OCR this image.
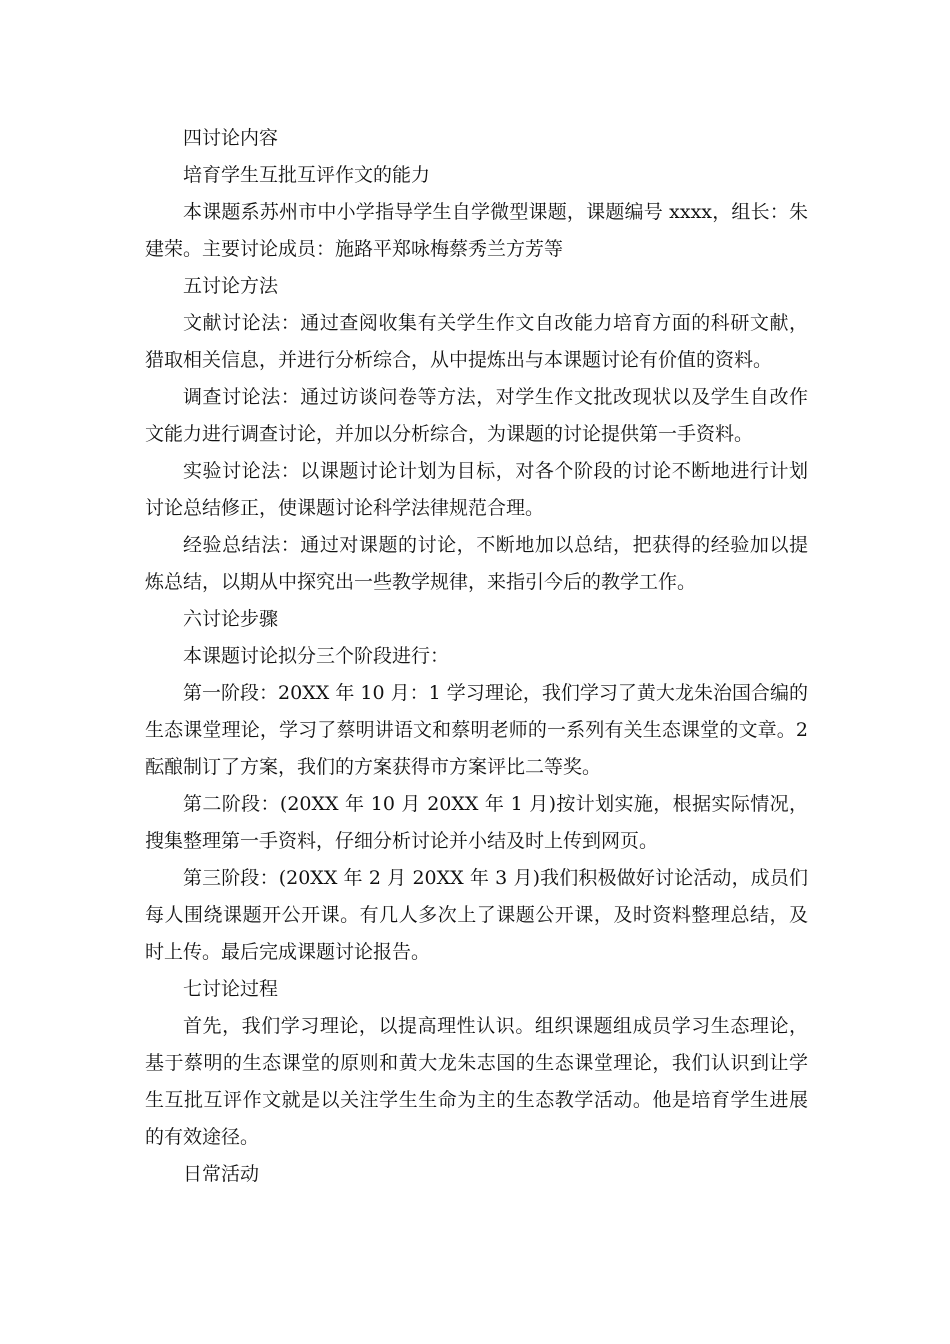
四讨论内容

培育学生互批互评作文的能力

本课题系苏州市中小学指导学生自学微型课题，课题编号 xxxx，组长：朱建荣。主要讨论成员：施路平郑咏梅蔡秀兰方芳等

五讨论方法

文献讨论法：通过查阅收集有关学生作文自改能力培育方面的科研文献，猎取相关信息，并进行分析综合，从中提炼出与本课题讨论有价值的资料。

调查讨论法：通过访谈问卷等方法，对学生作文批改现状以及学生自改作文能力进行调查讨论，并加以分析综合，为课题的讨论提供第一手资料。

实验讨论法：以课题讨论计划为目标，对各个阶段的讨论不断地进行计划讨论总结修正，使课题讨论科学法律规范合理。

经验总结法：通过对课题的讨论，不断地加以总结，把获得的经验加以提炼总结，以期从中探究出一些教学规律，来指引今后的教学工作。

六讨论步骤

本课题讨论拟分三个阶段进行：

第一阶段：20XX 年 10 月：1 学习理论，我们学习了黄大龙朱治国合编的生态课堂理论，学习了蔡明讲语文和蔡明老师的一系列有关生态课堂的文章。2 酝酿制订了方案，我们的方案获得市方案评比二等奖。

第二阶段：(20XX 年 10 月 20XX 年 1 月)按计划实施，根据实际情况，搜集整理第一手资料，仔细分析讨论并小结及时上传到网页。

第三阶段：(20XX 年 2 月 20XX 年 3 月)我们积极做好讨论活动，成员们每人围绕课题开公开课。有几人多次上了课题公开课，及时资料整理总结，及时上传。最后完成课题讨论报告。

七讨论过程

首先，我们学习理论，以提高理性认识。组织课题组成员学习生态理论，基于蔡明的生态课堂的原则和黄大龙朱志国的生态课堂理论，我们认识到让学生互批互评作文就是以关注学生生命为主的生态教学活动。他是培育学生进展的有效途径。

日常活动
